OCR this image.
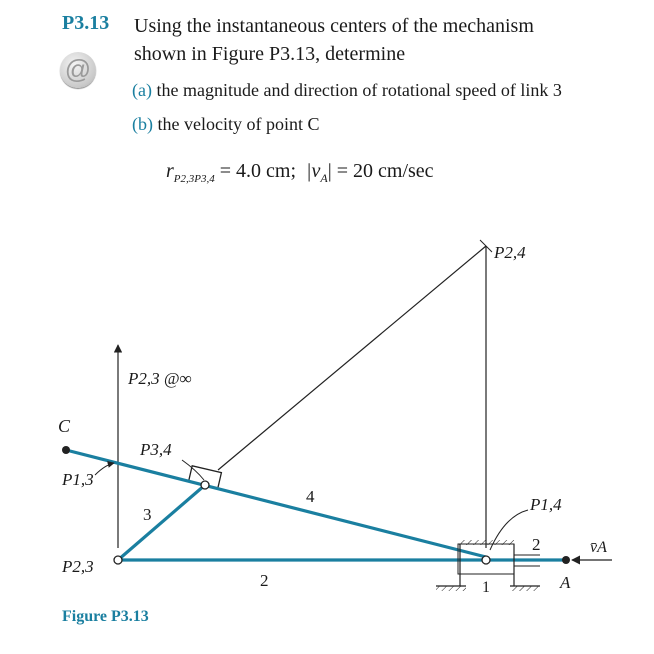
P3.13 Using the instantaneous centers of the mechanism
shown in Figure P3.13, determine
@
(a) the magnitude and direction of rotational speed of link 3
(b) the velocity of point C
$r_{P2,3P3,4} = 4.0$ cm; $|v_A| = 20$ cm/sec
P2,4
P2,3 @∞
C
P3,4
P1,3
3
4	P1,4
2	v̄A
P2,3
2	1	A
Figure P3.13
